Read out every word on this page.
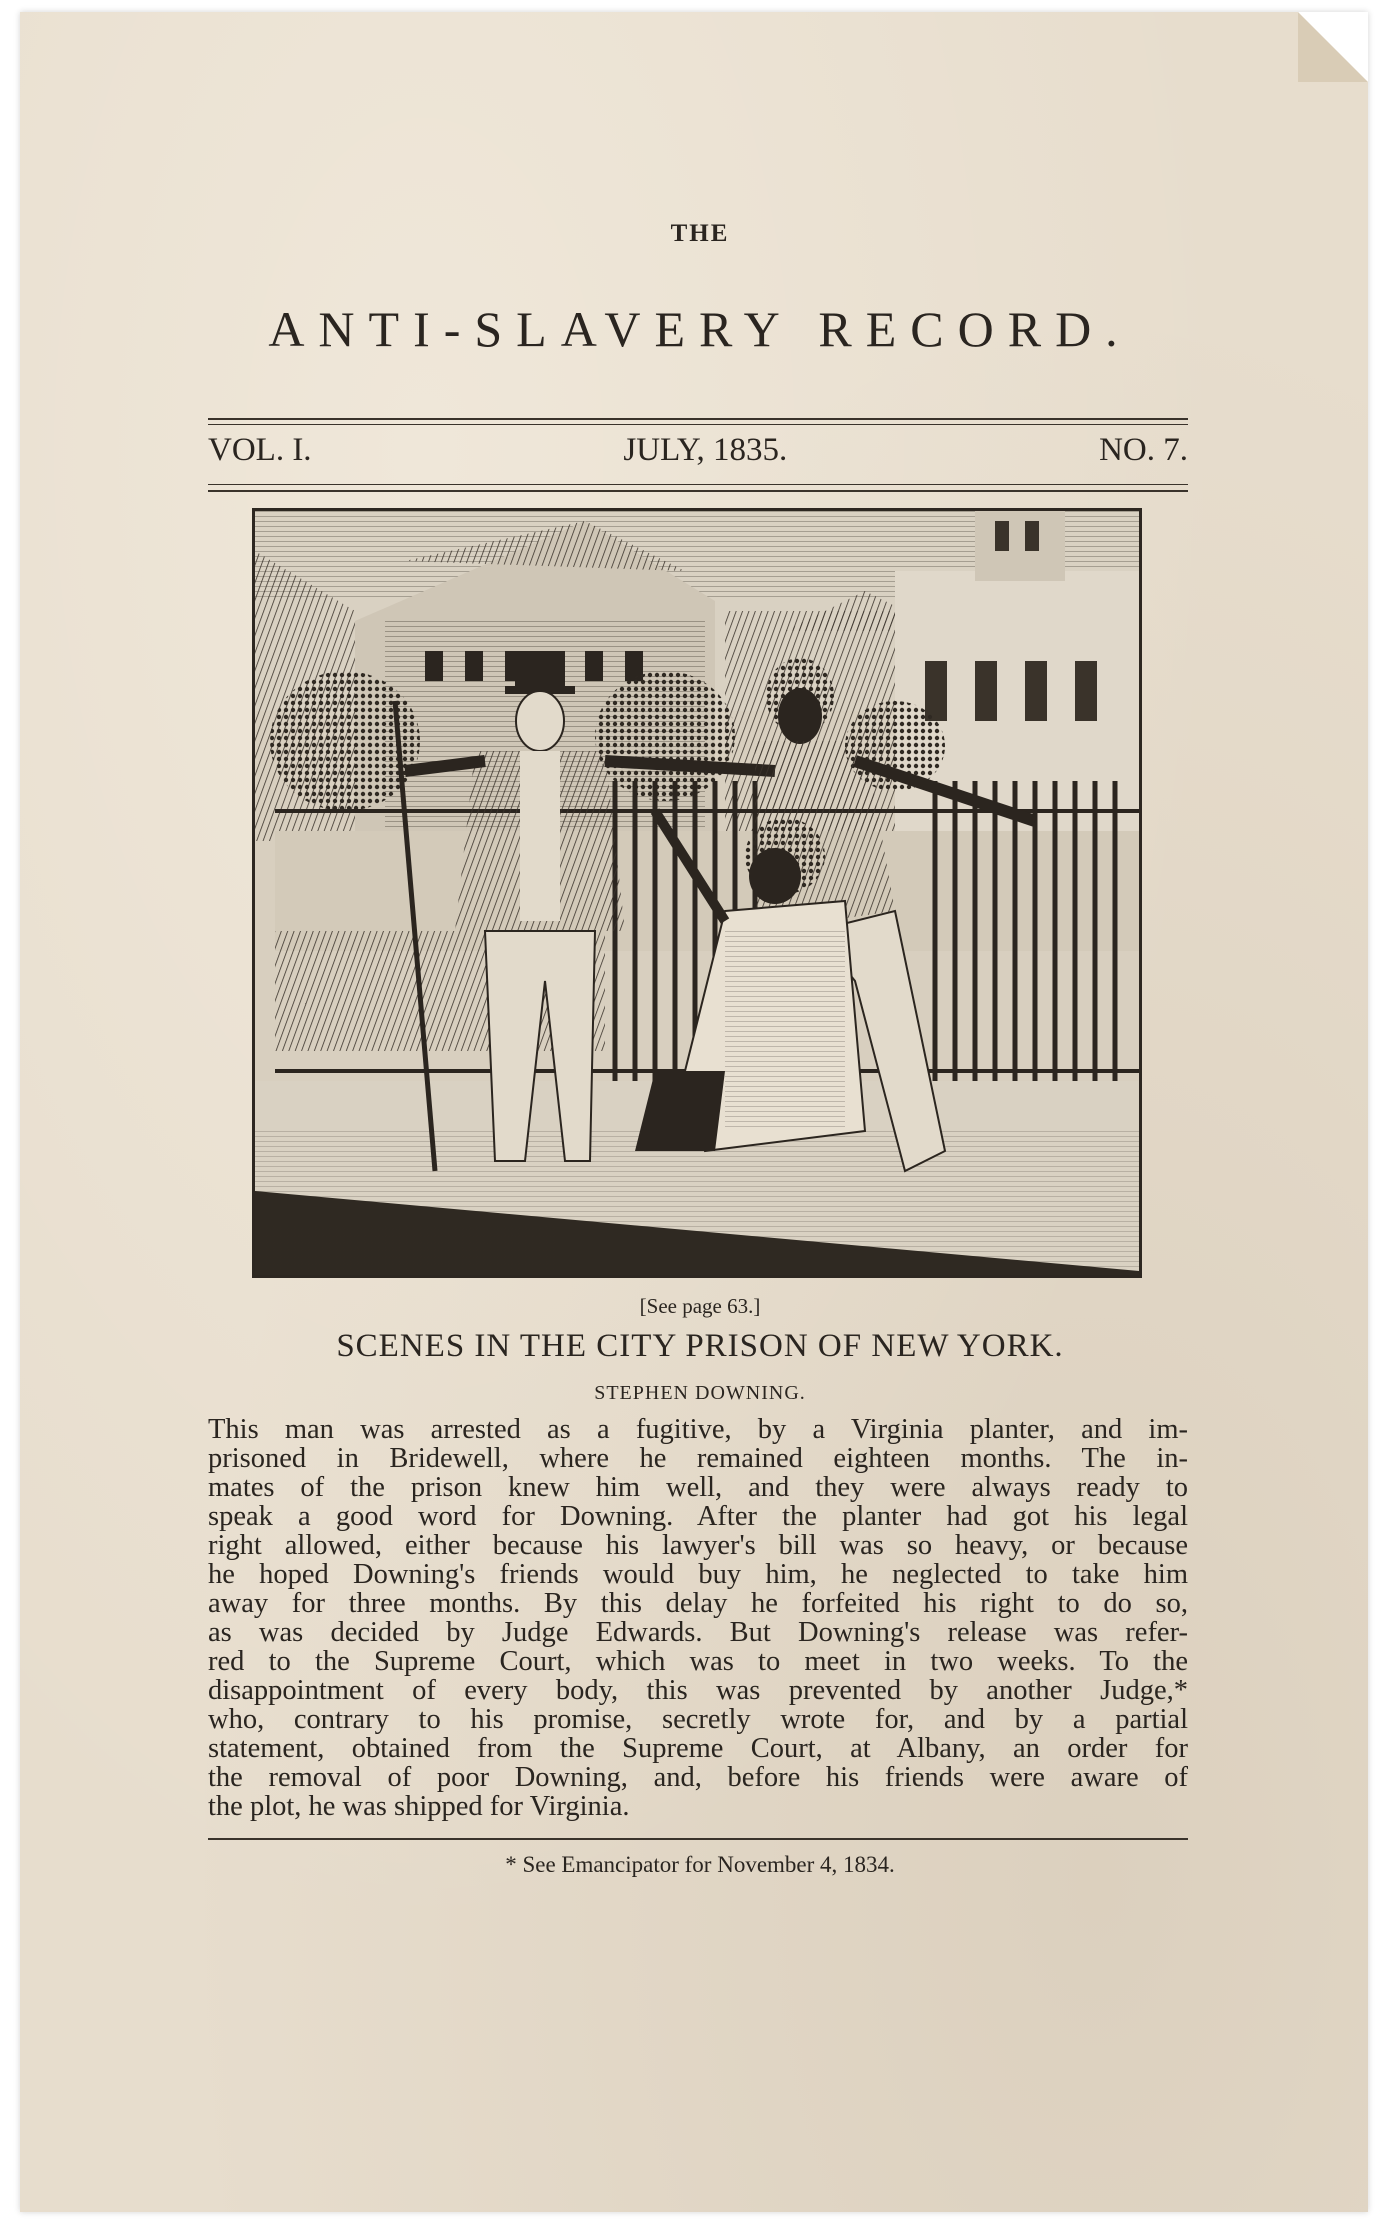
THE
ANTI-SLAVERY RECORD.
VOL. I.	JULY, 1835.	NO. 7.
[See page 63.]
SCENES IN THE CITY PRISON OF NEW YORK.
STEPHEN DOWNING.
This man was arrested as a fugitive, by a Virginia planter, and im-
prisoned in Bridewell, where he remained eighteen months. The in-
mates of the prison knew him well, and they were always ready to
speak a good word for Downing. After the planter had got his legal
right allowed, either because his lawyer's bill was so heavy, or because
he hoped Downing's friends would buy him, he neglected to take him
away for three months. By this delay he forfeited his right to do so,
as was decided by Judge Edwards. But Downing's release was refer-
red to the Supreme Court, which was to meet in two weeks. To the
disappointment of every body, this was prevented by another Judge,*
who, contrary to his promise, secretly wrote for, and by a partial
statement, obtained from the Supreme Court, at Albany, an order for
the removal of poor Downing, and, before his friends were aware of
the plot, he was shipped for Virginia.
* See Emancipator for November 4, 1834.
